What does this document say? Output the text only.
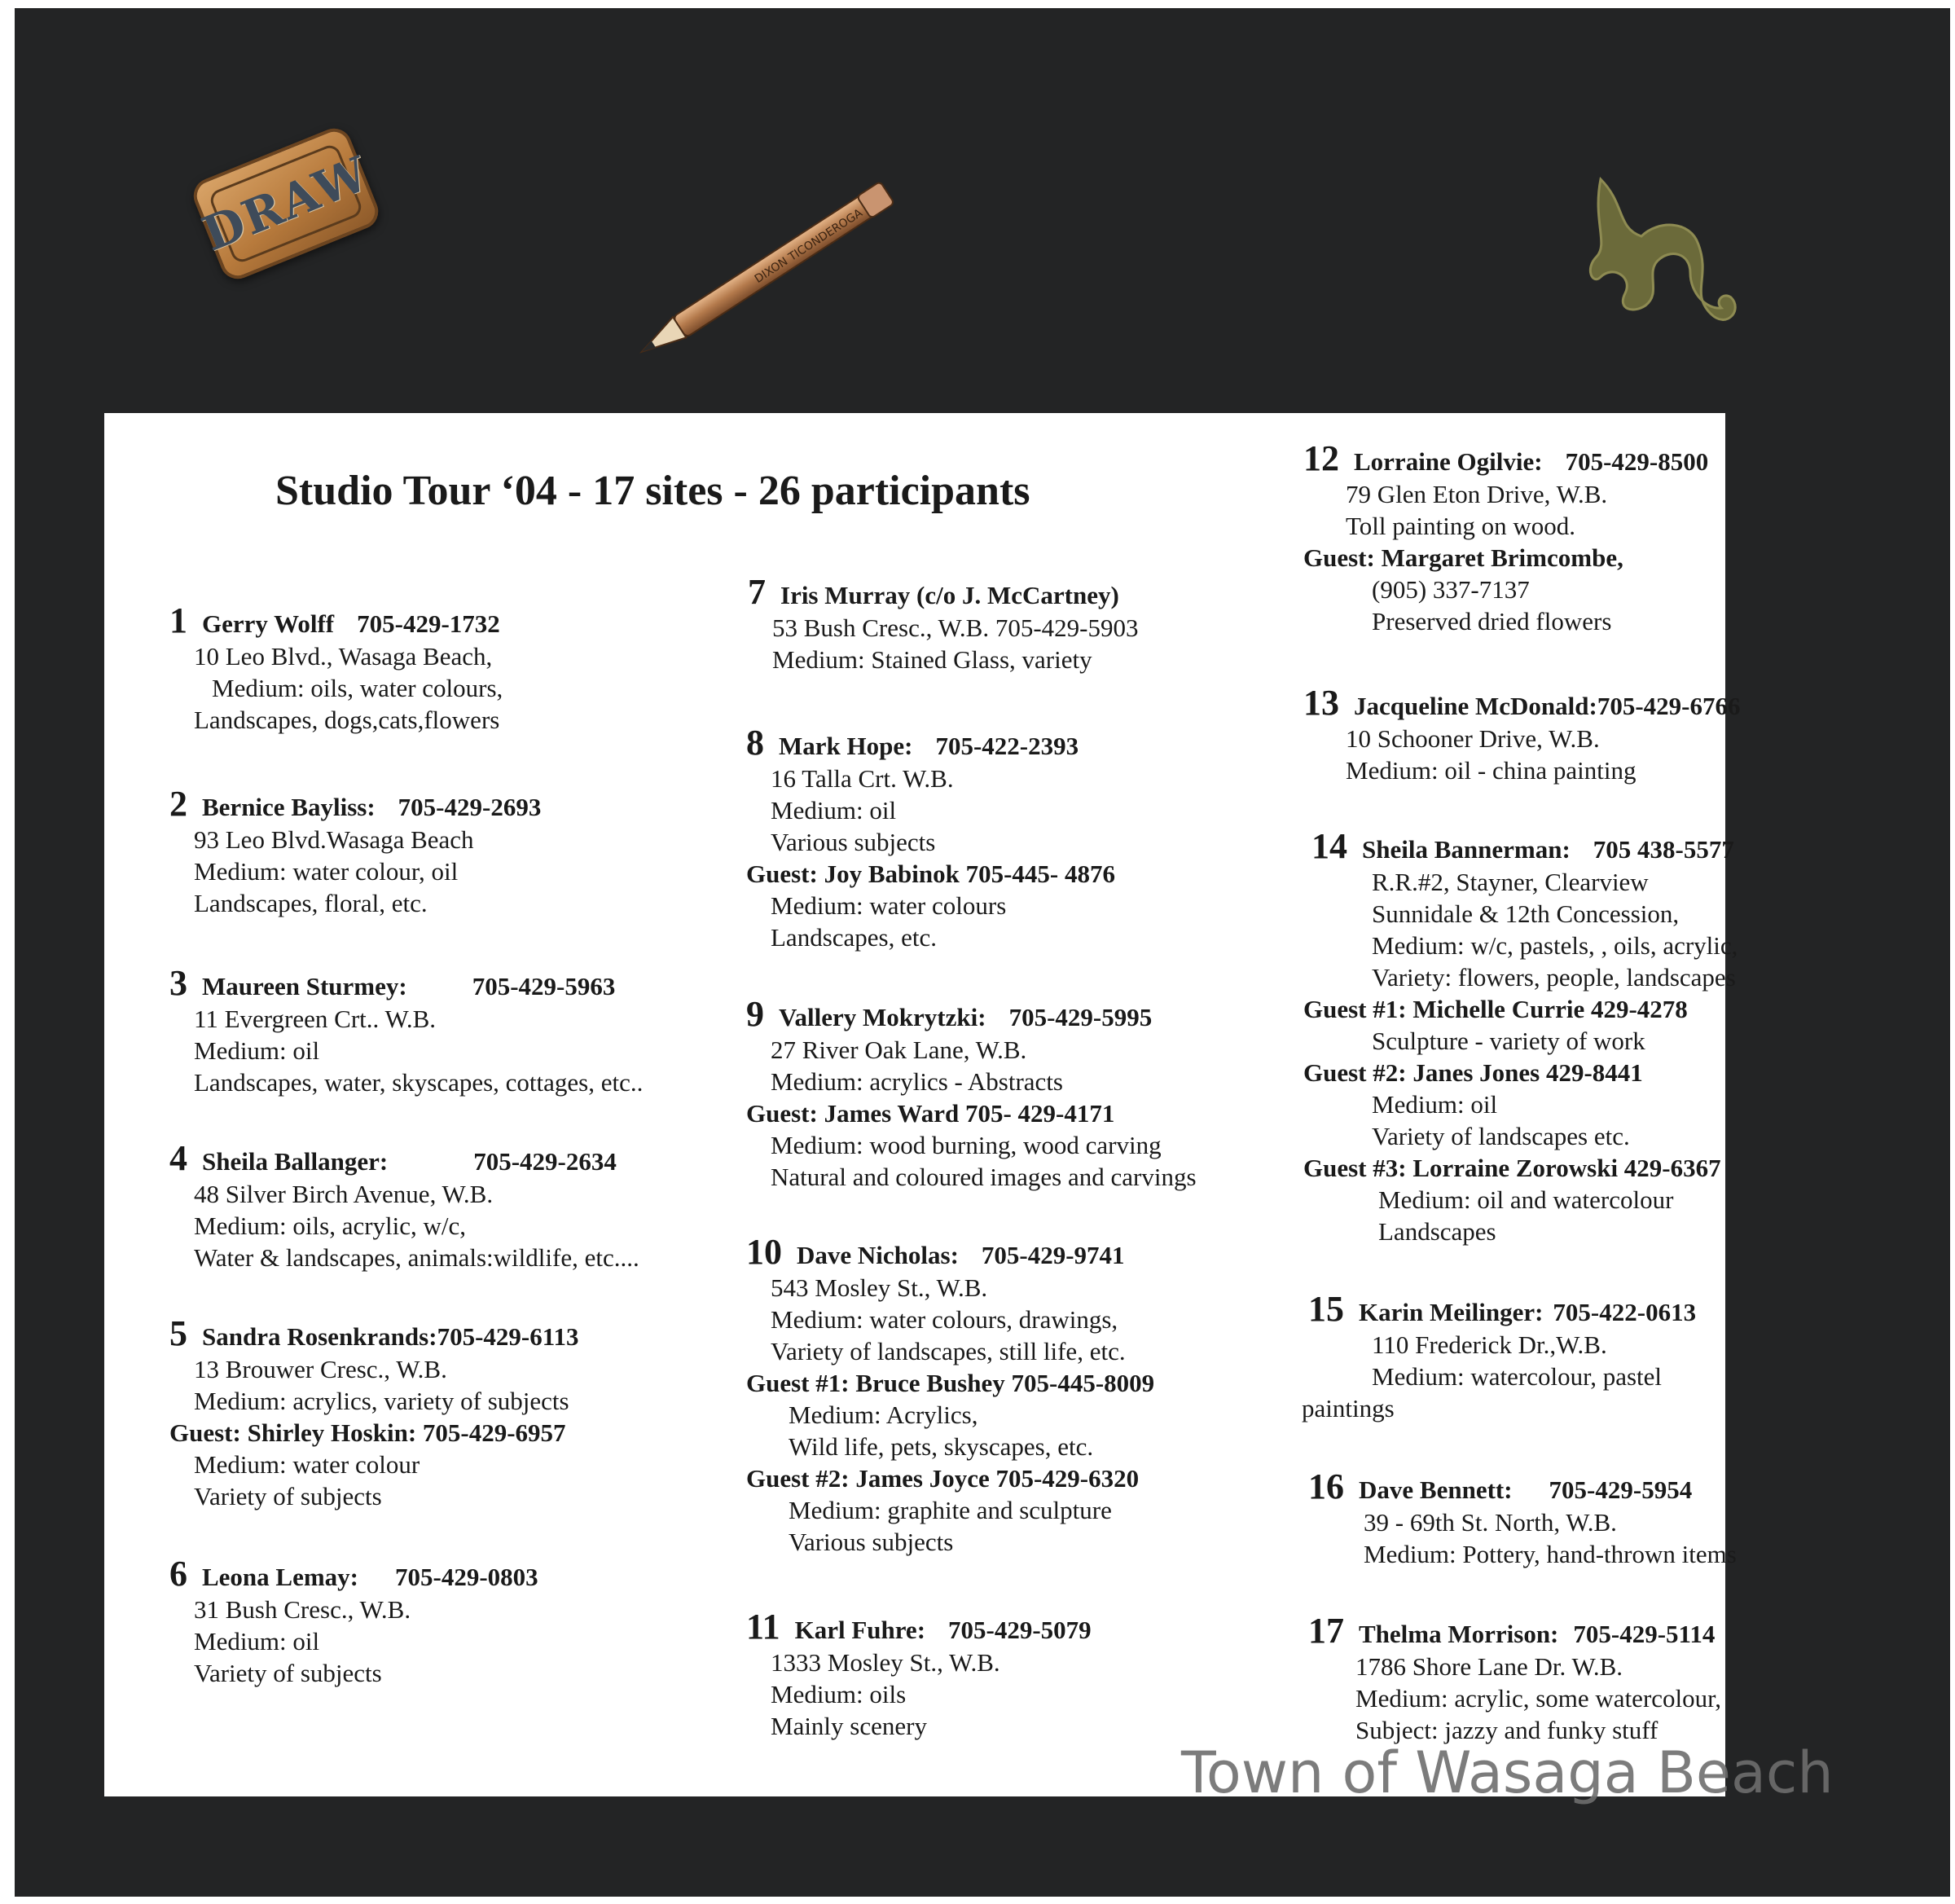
DRAW	DIXON TICONDEROGA
Studio Tour ‘04 - 17 sites - 26 participants
1 Gerry Wolff 705-429-1732
10 Leo Blvd., Wasaga Beach,
Medium: oils, water colours,
Landscapes, dogs,cats,flowers
2 Bernice Bayliss: 705-429-2693
93 Leo Blvd.Wasaga Beach
Medium: water colour, oil
Landscapes, floral, etc.
3 Maureen Sturmey:	705-429-5963
11 Evergreen Crt.. W.B.
Medium: oil
Landscapes, water, skyscapes, cottages, etc..
4 Sheila Ballanger:	705-429-2634
48 Silver Birch Avenue, W.B.
Medium: oils, acrylic, w/c,
Water & landscapes, animals:wildlife, etc....
5 Sandra Rosenkrands:705-429-6113
13 Brouwer Cresc., W.B.
Medium: acrylics, variety of subjects
Guest: Shirley Hoskin: 705-429-6957
Medium: water colour
Variety of subjects
6 Leona Lemay: 705-429-0803
31 Bush Cresc., W.B.
Medium: oil
Variety of subjects
7 Iris Murray (c/o J. McCartney)
53 Bush Cresc., W.B. 705-429-5903
Medium: Stained Glass, variety
8 Mark Hope: 705-422-2393
16 Talla Crt. W.B.
Medium: oil
Various subjects
Guest: Joy Babinok 705-445- 4876
Medium: water colours
Landscapes, etc.
9 Vallery Mokrytzki: 705-429-5995
27 River Oak Lane, W.B.
Medium: acrylics - Abstracts
Guest: James Ward 705- 429-4171
Medium: wood burning, wood carving
Natural and coloured images and carvings
10 Dave Nicholas: 705-429-9741
543 Mosley St., W.B.
Medium: water colours, drawings,
Variety of landscapes, still life, etc.
Guest #1: Bruce Bushey 705-445-8009
Medium: Acrylics,
Wild life, pets, skyscapes, etc.
Guest #2: James Joyce 705-429-6320
Medium: graphite and sculpture
Various subjects
11 Karl Fuhre: 705-429-5079
1333 Mosley St., W.B.
Medium: oils
Mainly scenery
12 Lorraine Ogilvie: 705-429-8500
79 Glen Eton Drive, W.B.
Toll painting on wood.
Guest: Margaret Brimcombe,
(905) 337-7137
Preserved dried flowers
13 Jacqueline McDonald:705-429-6766
10 Schooner Drive, W.B.
Medium: oil - china painting
14 Sheila Bannerman: 705 438-5577
R.R.#2, Stayner, Clearview
Sunnidale & 12th Concession,
Medium: w/c, pastels, , oils, acrylic,
Variety: flowers, people, landscapes
Guest #1: Michelle Currie 429-4278
Sculpture - variety of work
Guest #2: Janes Jones 429-8441
Medium: oil
Variety of landscapes etc.
Guest #3: Lorraine Zorowski 429-6367
Medium: oil and watercolour
Landscapes
15 Karin Meilinger: 705-422-0613
110 Frederick Dr.,W.B.
Medium: watercolour, pastel
paintings
16 Dave Bennett: 705-429-5954
39 - 69th St. North, W.B.
Medium: Pottery, hand-thrown items
17 Thelma Morrison: 705-429-5114
1786 Shore Lane Dr. W.B.
Medium: acrylic, some watercolour,
Subject: jazzy and funky stuff
Town of Wasaga Beach
